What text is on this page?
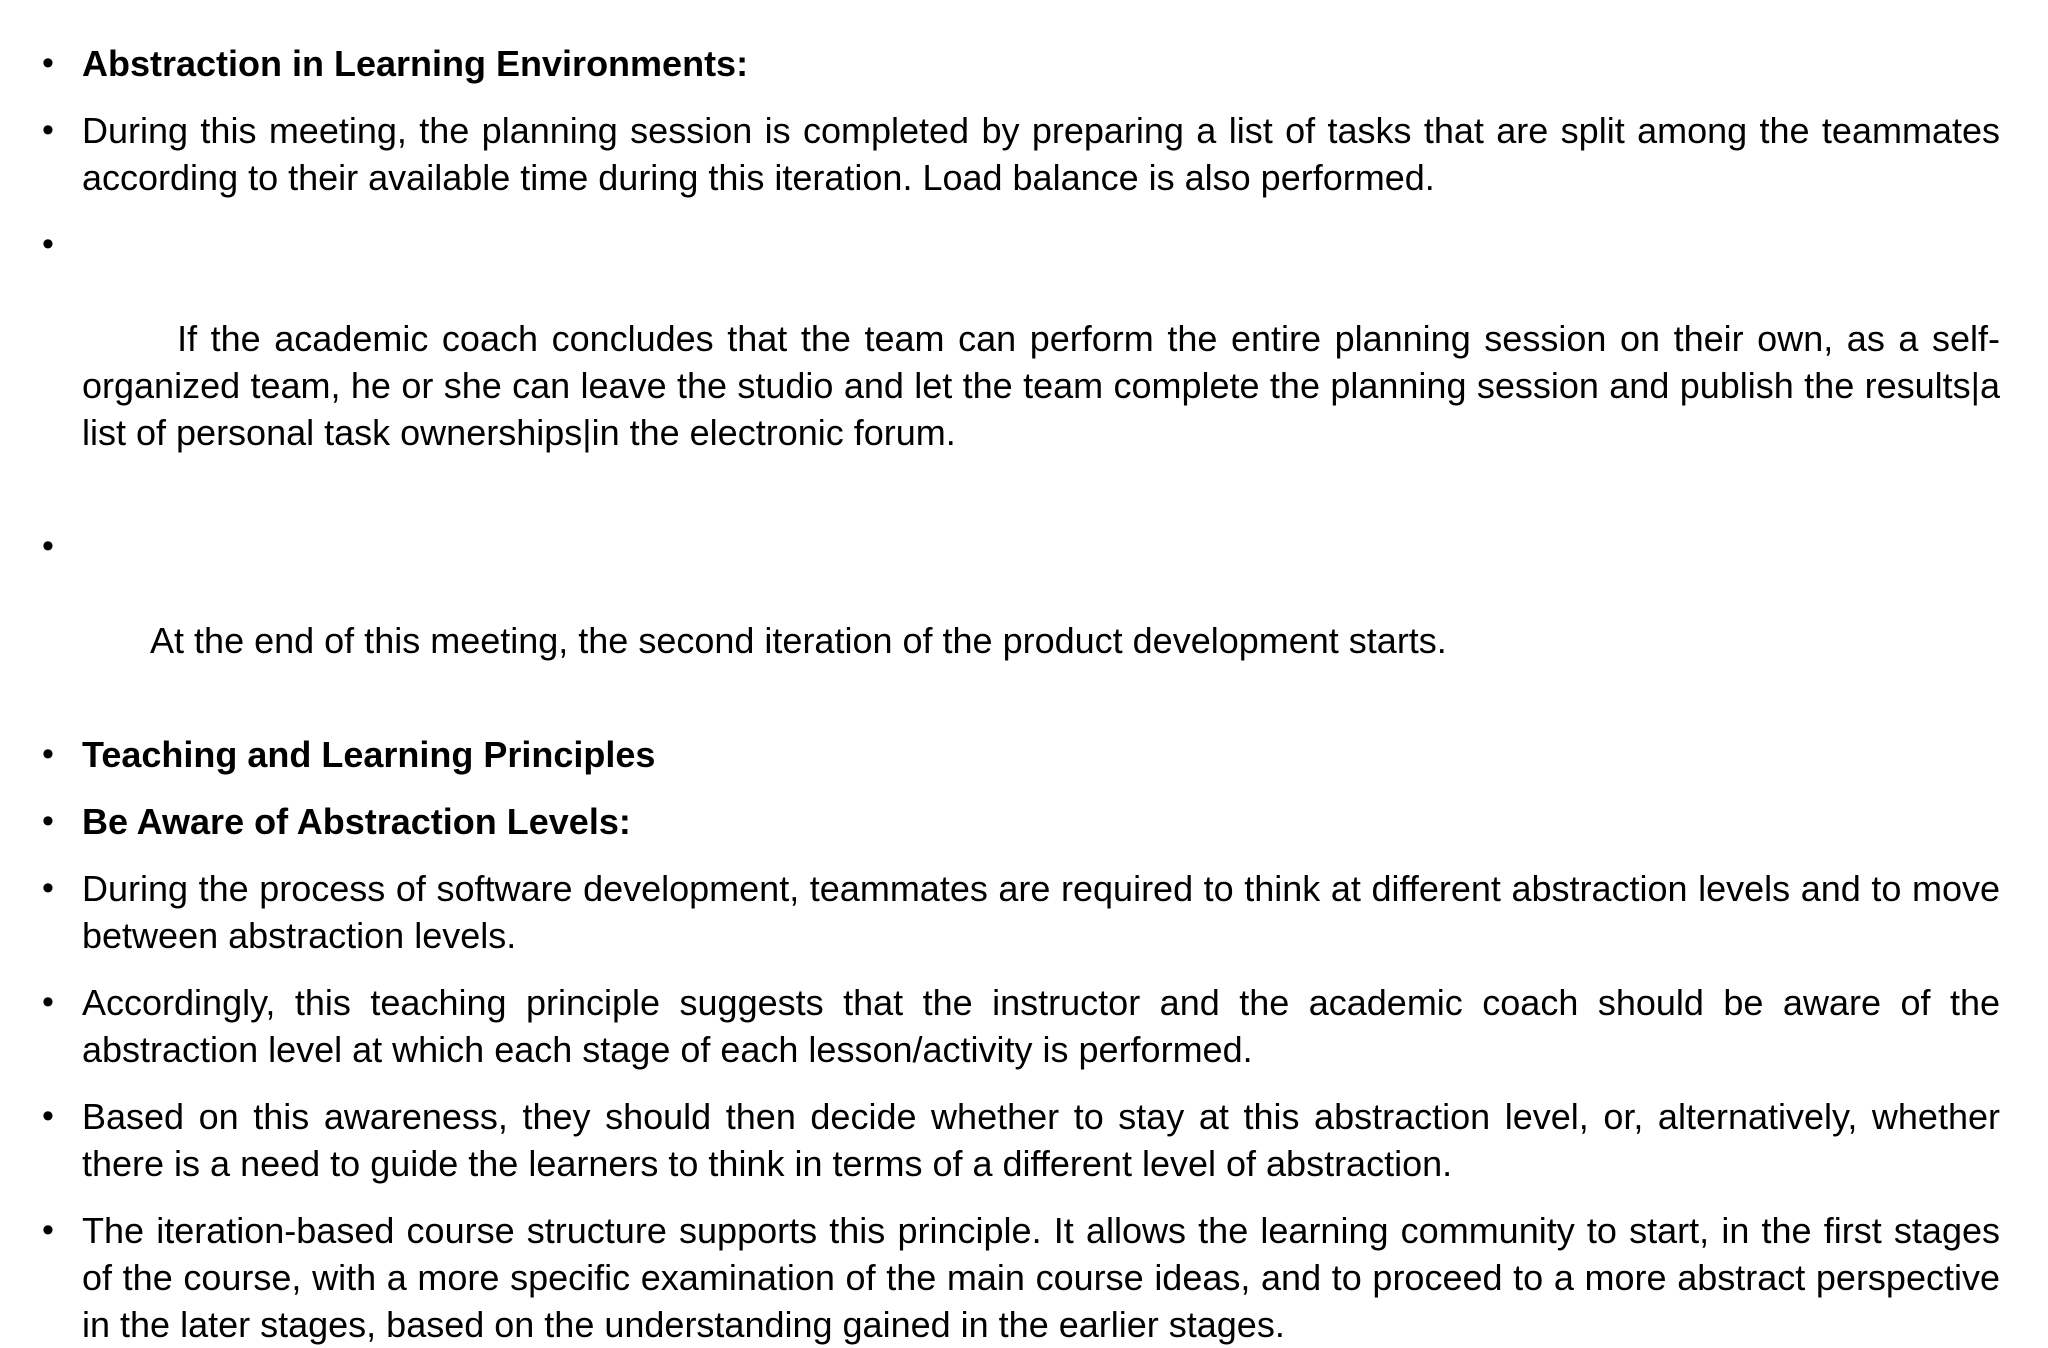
• Abstraction in Learning Environments:
• During this meeting, the planning session is completed by preparing a list of tasks that are split among the teammates according to their available time during this iteration. Load balance is also performed.

•

If the academic coach concludes that the team can perform the entire planning session on their own, as a self-organized team, he or she can leave the studio and let the team complete the planning session and publish the results|a list of personal task ownerships|in the electronic forum.

•

At the end of this meeting, the second iteration of the product development starts.

• Teaching and Learning Principles
• Be Aware of Abstraction Levels:
• During the process of software development, teammates are required to think at different abstraction levels and to move between abstraction levels.
• Accordingly, this teaching principle suggests that the instructor and the academic coach should be aware of the abstraction level at which each stage of each lesson/activity is performed.
• Based on this awareness, they should then decide whether to stay at this abstraction level, or, alternatively, whether there is a need to guide the learners to think in terms of a different level of abstraction.
• The iteration-based course structure supports this principle. It allows the learning community to start, in the first stages of the course, with a more specific examination of the main course ideas, and to proceed to a more abstract perspective in the later stages, based on the understanding gained in the earlier stages.
